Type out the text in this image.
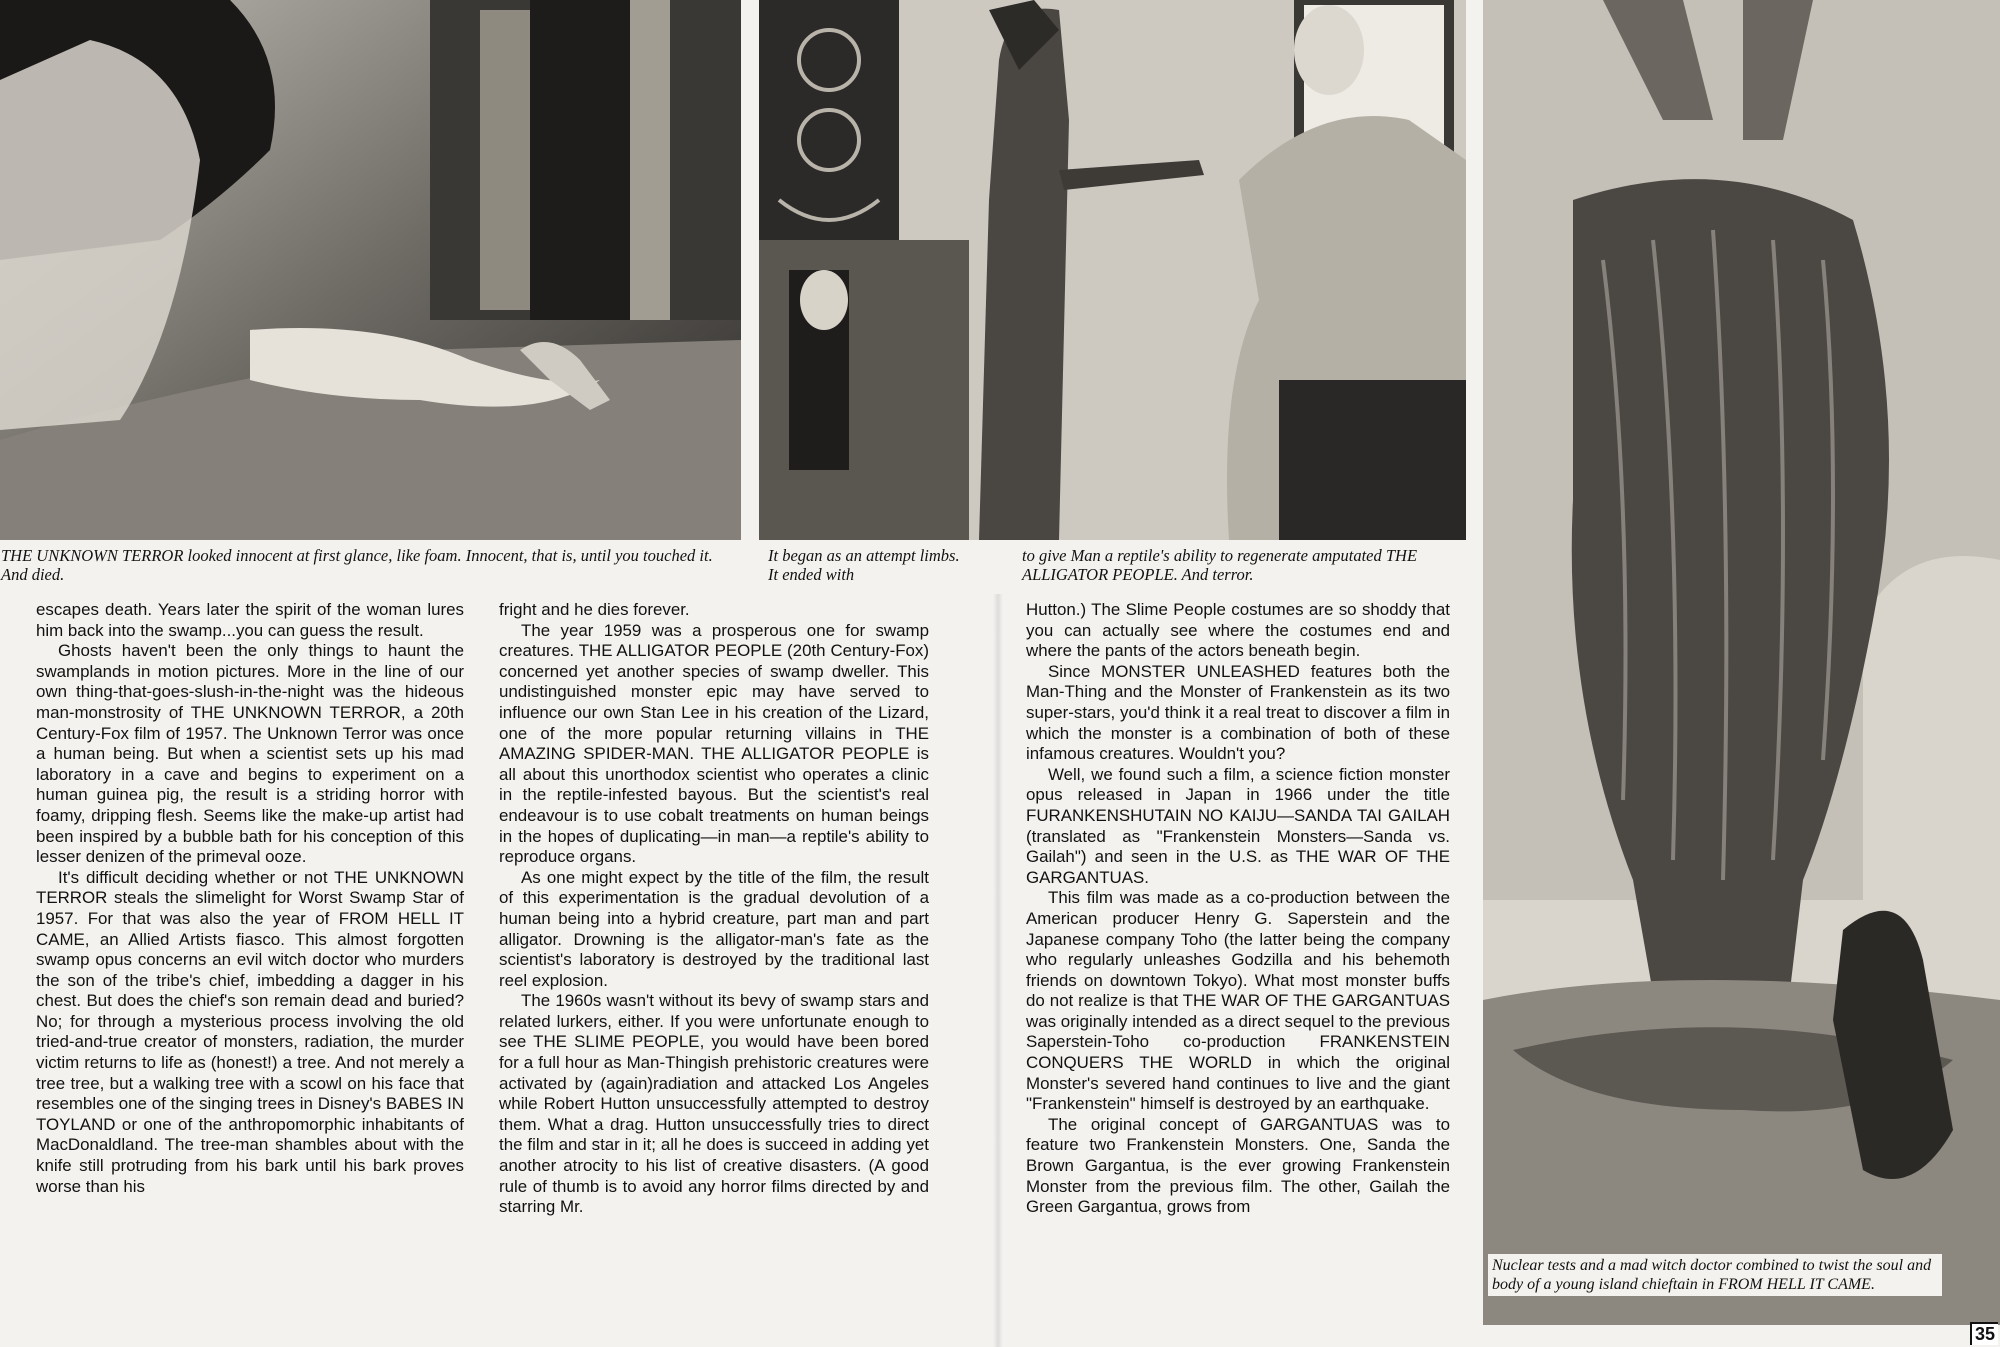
THE UNKNOWN TERROR looked innocent at first glance, like foam. Innocent, that is, until you touched it. And died.
It began as an attempt limbs. It ended with
to give Man a reptile's ability to regenerate amputated THE ALLIGATOR PEOPLE. And terror.

escapes death. Years later the spirit of the woman lures him back into the swamp...you can guess the result.

Ghosts haven't been the only things to haunt the swamplands in motion pictures. More in the line of our own thing-that-goes-slush-in-the-night was the hideous man-monstrosity of THE UNKNOWN TERROR, a 20th Century-Fox film of 1957. The Unknown Terror was once a human being. But when a scientist sets up his mad laboratory in a cave and begins to experiment on a human guinea pig, the result is a striding horror with foamy, dripping flesh. Seems like the make-up artist had been inspired by a bubble bath for his conception of this lesser denizen of the primeval ooze.

It's difficult deciding whether or not THE UNKNOWN TERROR steals the slimelight for Worst Swamp Star of 1957. For that was also the year of FROM HELL IT CAME, an Allied Artists fiasco. This almost forgotten swamp opus concerns an evil witch doctor who murders the son of the tribe's chief, imbedding a dagger in his chest. But does the chief's son remain dead and buried? No; for through a mysterious process involving the old tried-and-true creator of monsters, radiation, the murder victim returns to life as (honest!) a tree. And not merely a tree tree, but a walking tree with a scowl on his face that resembles one of the singing trees in Disney's BABES IN TOYLAND or one of the anthropomorphic inhabitants of MacDonaldland. The tree-man shambles about with the knife still protruding from his bark until his bark proves worse than his

fright and he dies forever.

The year 1959 was a prosperous one for swamp creatures. THE ALLIGATOR PEOPLE (20th Century-Fox) concerned yet another species of swamp dweller. This undistinguished monster epic may have served to influence our own Stan Lee in his creation of the Lizard, one of the more popular returning villains in THE AMAZING SPIDER-MAN. THE ALLIGATOR PEOPLE is all about this unorthodox scientist who operates a clinic in the reptile-infested bayous. But the scientist's real endeavour is to use cobalt treatments on human beings in the hopes of duplicating—in man—a reptile's ability to reproduce organs.

As one might expect by the title of the film, the result of this experimentation is the gradual devolution of a human being into a hybrid creature, part man and part alligator. Drowning is the alligator-man's fate as the scientist's laboratory is destroyed by the traditional last reel explosion.

The 1960s wasn't without its bevy of swamp stars and related lurkers, either. If you were unfortunate enough to see THE SLIME PEOPLE, you would have been bored for a full hour as Man-Thingish prehistoric creatures were activated by (again)radiation and attacked Los Angeles while Robert Hutton unsuccessfully attempted to destroy them. What a drag. Hutton unsuccessfully tries to direct the film and star in it; all he does is succeed in adding yet another atrocity to his list of creative disasters. (A good rule of thumb is to avoid any horror films directed by and starring Mr.

Hutton.) The Slime People costumes are so shoddy that you can actually see where the costumes end and where the pants of the actors beneath begin.

Since MONSTER UNLEASHED features both the Man-Thing and the Monster of Frankenstein as its two super-stars, you'd think it a real treat to discover a film in which the monster is a combination of both of these infamous creatures. Wouldn't you?

Well, we found such a film, a science fiction monster opus released in Japan in 1966 under the title FURANKENSHUTAIN NO KAIJU—SANDA TAI GAILAH (translated as "Frankenstein Monsters—Sanda vs. Gailah") and seen in the U.S. as THE WAR OF THE GARGANTUAS.

This film was made as a co-production between the American producer Henry G. Saperstein and the Japanese company Toho (the latter being the company who regularly unleashes Godzilla and his behemoth friends on downtown Tokyo). What most monster buffs do not realize is that THE WAR OF THE GARGANTUAS was originally intended as a direct sequel to the previous Saperstein-Toho co-production FRANKENSTEIN CONQUERS THE WORLD in which the original Monster's severed hand continues to live and the giant "Frankenstein" himself is destroyed by an earthquake.

The original concept of GARGANTUAS was to feature two Frankenstein Monsters. One, Sanda the Brown Gargantua, is the ever growing Frankenstein Monster from the previous film. The other, Gailah the Green Gargantua, grows from

Nuclear tests and a mad witch doctor combined to twist the soul and body of a young island chieftain in FROM HELL IT CAME.
35
